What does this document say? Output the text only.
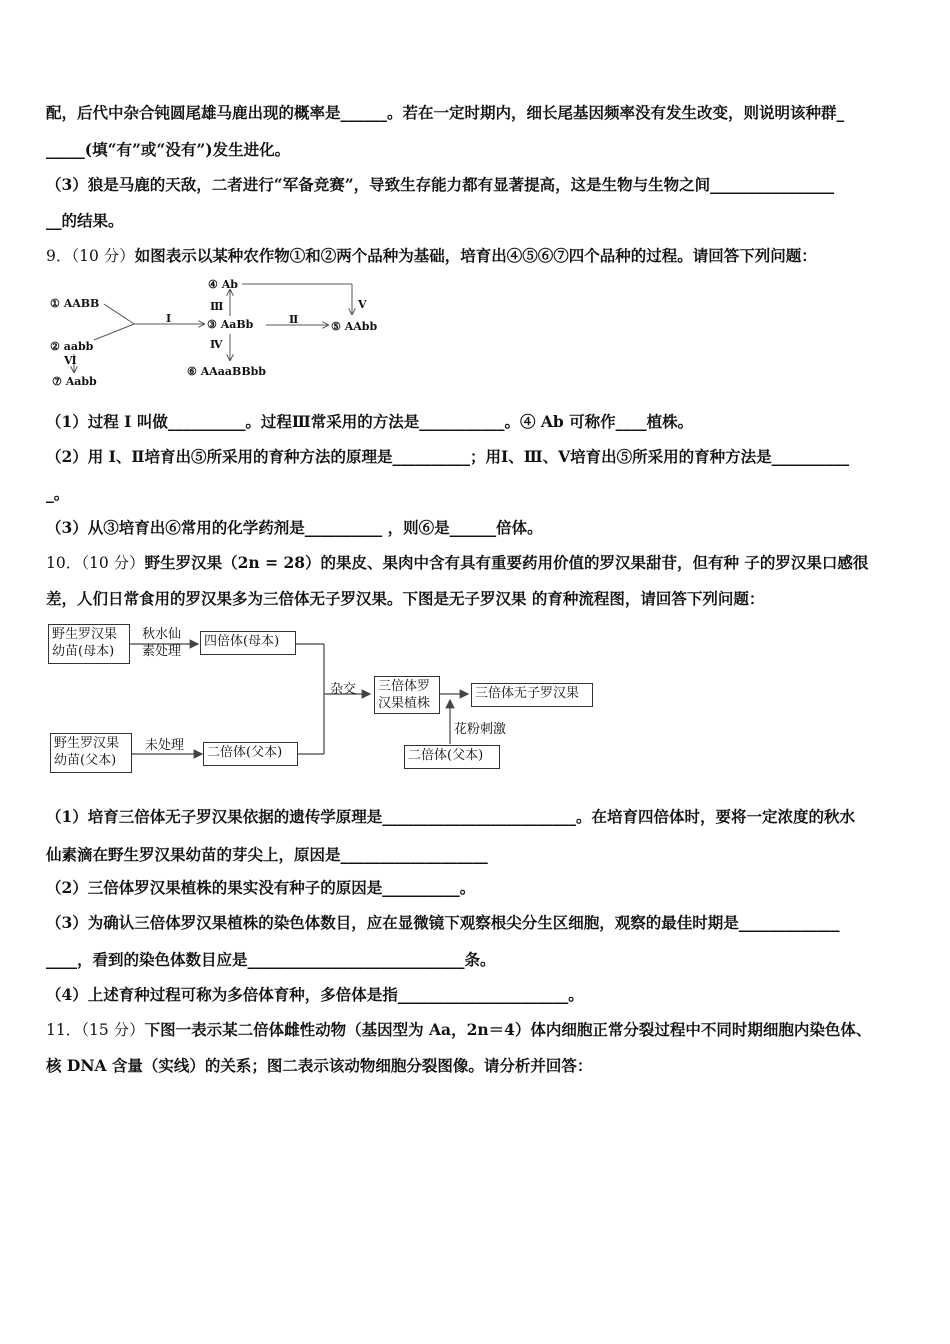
配，后代中杂合钝圆尾雄马鹿出现的概率是______。若在一定时期内，细长尾基因频率没有发生改变，则说明该种群_
_____(填“有”或“没有”)发生进化。
（3）狼是马鹿的天敌，二者进行“军备竞赛”，导致生存能力都有显著提高，这是生物与生物之间________________
__的结果。
9．（10 分）如图表示以某种农作物①和②两个品种为基础，培育出④⑤⑥⑦四个品种的过程。请回答下列问题：
① AABB
② aabb
③ AaBb
④ Ab
⑤ AAbb
⑥ AAaaBBbb
⑦ Aabb
I	Ⅱ
Ⅲ
Ⅳ
Ⅴ
Ⅵ
（1）过程 I 叫做__________。过程Ⅲ常采用的方法是___________。④ Ab 可称作____植株。
（2）用 I、Ⅱ培育出⑤所采用的育种方法的原理是__________；用Ⅰ、Ⅲ、Ⅴ培育出⑤所采用的育种方法是__________
_。
（3）从③培育出⑥常用的化学药剂是__________ ，则⑥是______倍体。
10．（10 分）野生罗汉果（2n = 28）的果皮、果肉中含有具有重要药用价值的罗汉果甜苷，但有种 子的罗汉果口感很
差，人们日常食用的罗汉果多为三倍体无子罗汉果。下图是无子罗汉果 的育种流程图，请回答下列问题：
野生罗汉果幼苗(母本)
秋水仙素处理
四倍体(母本)
野生罗汉果幼苗(父本)
未处理	二倍体(父本)
杂交	三倍体罗汉果植株
三倍体无子罗汉果
花粉刺激
二倍体(父本)
（1）培育三倍体无子罗汉果依据的遗传学原理是_________________________。在培育四倍体时，要将一定浓度的秋水
仙素滴在野生罗汉果幼苗的芽尖上，原因是___________________
（2）三倍体罗汉果植株的果实没有种子的原因是__________。
（3）为确认三倍体罗汉果植株的染色体数目，应在显微镜下观察根尖分生区细胞，观察的最佳时期是_____________
____，看到的染色体数目应是____________________________条。
（4）上述育种过程可称为多倍体育种，多倍体是指______________________。
11．（15 分）下图一表示某二倍体雌性动物（基因型为 Aa，2n＝4）体内细胞正常分裂过程中不同时期细胞内染色体、
核 DNA 含量（实线）的关系；图二表示该动物细胞分裂图像。请分析并回答：
